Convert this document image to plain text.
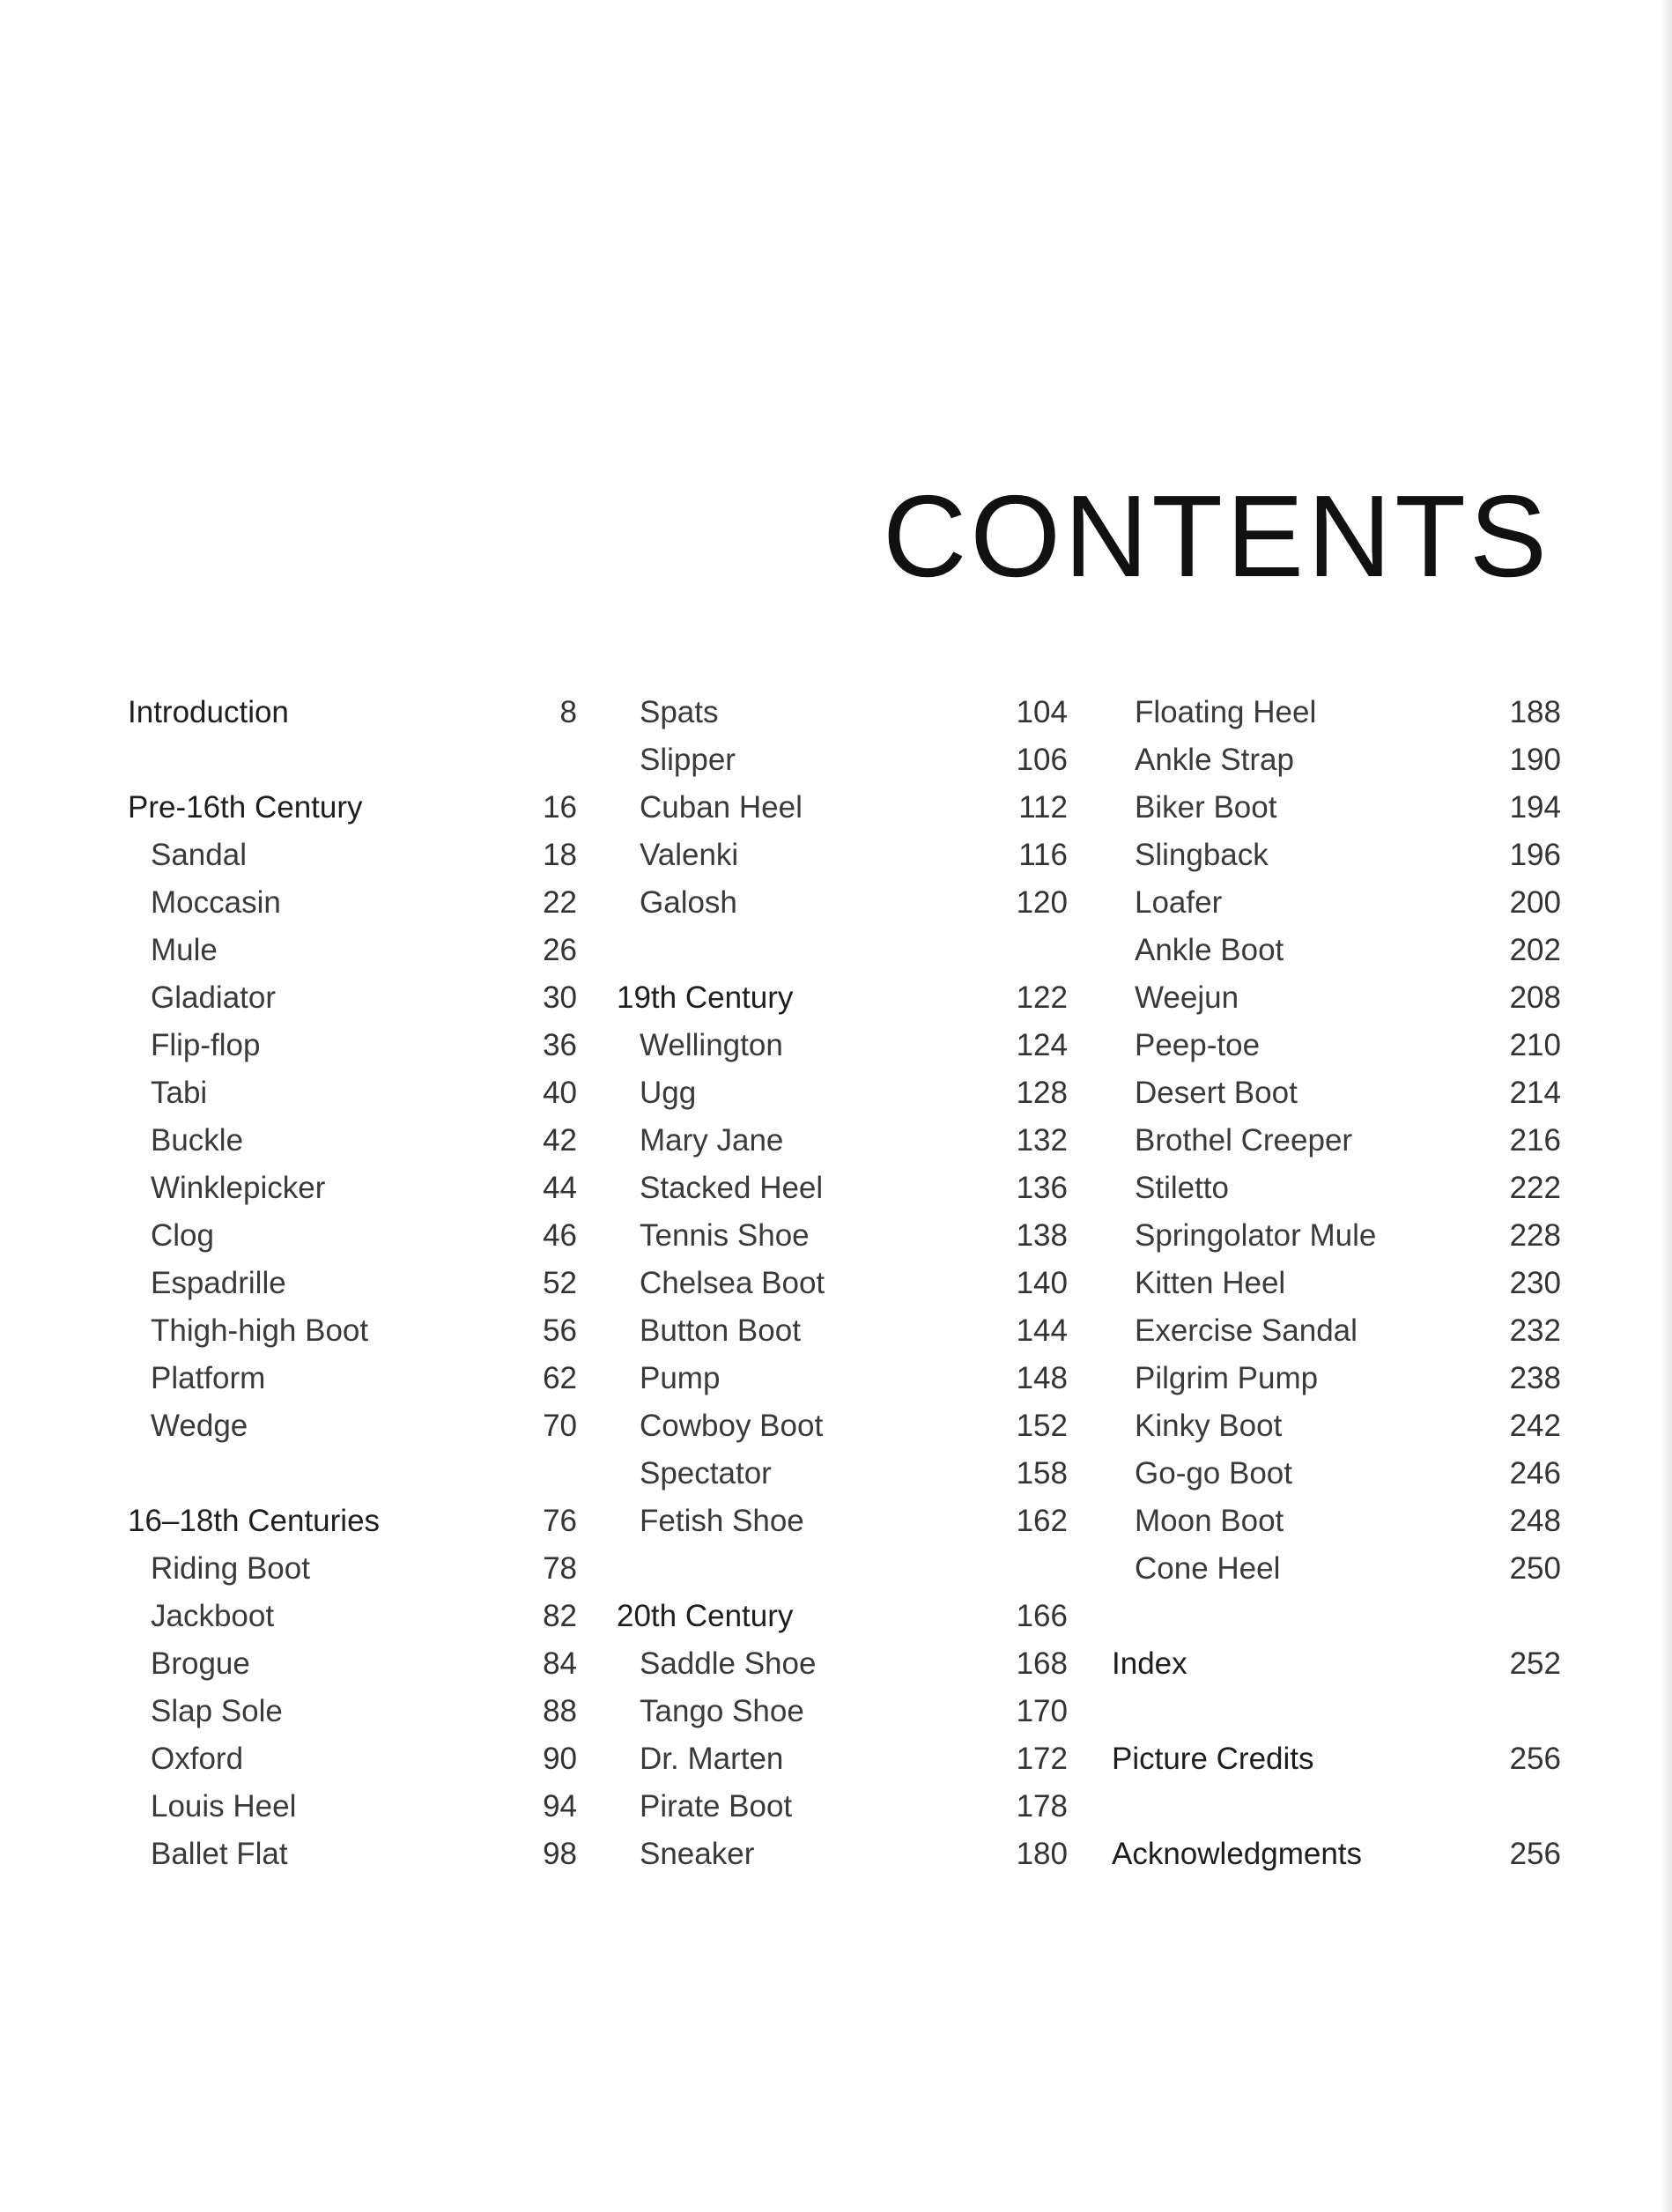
CONTENTS
Introduction	8
Pre-16th Century	16
Sandal	18
Moccasin	22
Mule	26
Gladiator	30
Flip-flop	36
Tabi	40
Buckle	42
Winklepicker	44
Clog	46
Espadrille	52
Thigh-high Boot	56
Platform	62
Wedge	70
16–18th Centuries	76
Riding Boot	78
Jackboot	82
Brogue	84
Slap Sole	88
Oxford	90
Louis Heel	94
Ballet Flat	98
Spats	104
Slipper	106
Cuban Heel	112
Valenki	116
Galosh	120
19th Century	122
Wellington	124
Ugg	128
Mary Jane	132
Stacked Heel	136
Tennis Shoe	138
Chelsea Boot	140
Button Boot	144
Pump	148
Cowboy Boot	152
Spectator	158
Fetish Shoe	162
20th Century	166
Saddle Shoe	168
Tango Shoe	170
Dr. Marten	172
Pirate Boot	178
Sneaker	180
Floating Heel	188
Ankle Strap	190
Biker Boot	194
Slingback	196
Loafer	200
Ankle Boot	202
Weejun	208
Peep-toe	210
Desert Boot	214
Brothel Creeper	216
Stiletto	222
Springolator Mule	228
Kitten Heel	230
Exercise Sandal	232
Pilgrim Pump	238
Kinky Boot	242
Go-go Boot	246
Moon Boot	248
Cone Heel	250
Index	252
Picture Credits	256
Acknowledgments	256
